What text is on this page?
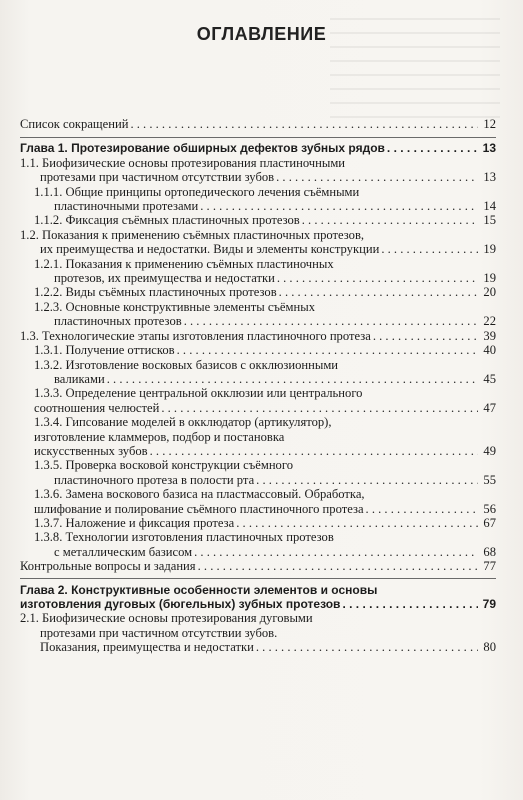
ОГЛАВЛЕНИЕ
Список сокращений . . .	12
Глава 1. Протезирование обширных дефектов зубных рядов . . .	13
1.1. Биофизические основы протезирования пластиночными
протезами при частичном отсутствии зубов . . .	13
1.1.1. Общие принципы ортопедического лечения съёмными
пластиночными протезами . . .	14
1.1.2. Фиксация съёмных пластиночных протезов . . .	15
1.2. Показания к применению съёмных пластиночных протезов,
их преимущества и недостатки. Виды и элементы конструкции . . .	19
1.2.1. Показания к применению съёмных пластиночных
протезов, их преимущества и недостатки . . .	19
1.2.2. Виды съёмных пластиночных протезов . . .	20
1.2.3. Основные конструктивные элементы съёмных
пластиночных протезов . . .	22
1.3. Технологические этапы изготовления пластиночного протеза . . .	39
1.3.1. Получение оттисков . . .	40
1.3.2. Изготовление восковых базисов с окклюзионными
валиками . . .	45
1.3.3. Определение центральной окклюзии или центрального
соотношения челюстей . . .	47
1.3.4. Гипсование моделей в окклюдатор (артикулятор),
изготовление кламмеров, подбор и постановка
искусственных зубов . . .	49
1.3.5. Проверка восковой конструкции съёмного
пластиночного протеза в полости рта . . .	55
1.3.6. Замена воскового базиса на пластмассовый. Обработка,
шлифование и полирование съёмного пластиночного протеза . . .	56
1.3.7. Наложение и фиксация протеза . . .	67
1.3.8. Технологии изготовления пластиночных протезов
с металлическим базисом . . .	68
Контрольные вопросы и задания . . .	77
Глава 2. Конструктивные особенности элементов и основы
изготовления дуговых (бюгельных) зубных протезов . . .	79
2.1. Биофизические основы протезирования дуговыми
протезами при частичном отсутствии зубов.
Показания, преимущества и недостатки . . .	80
